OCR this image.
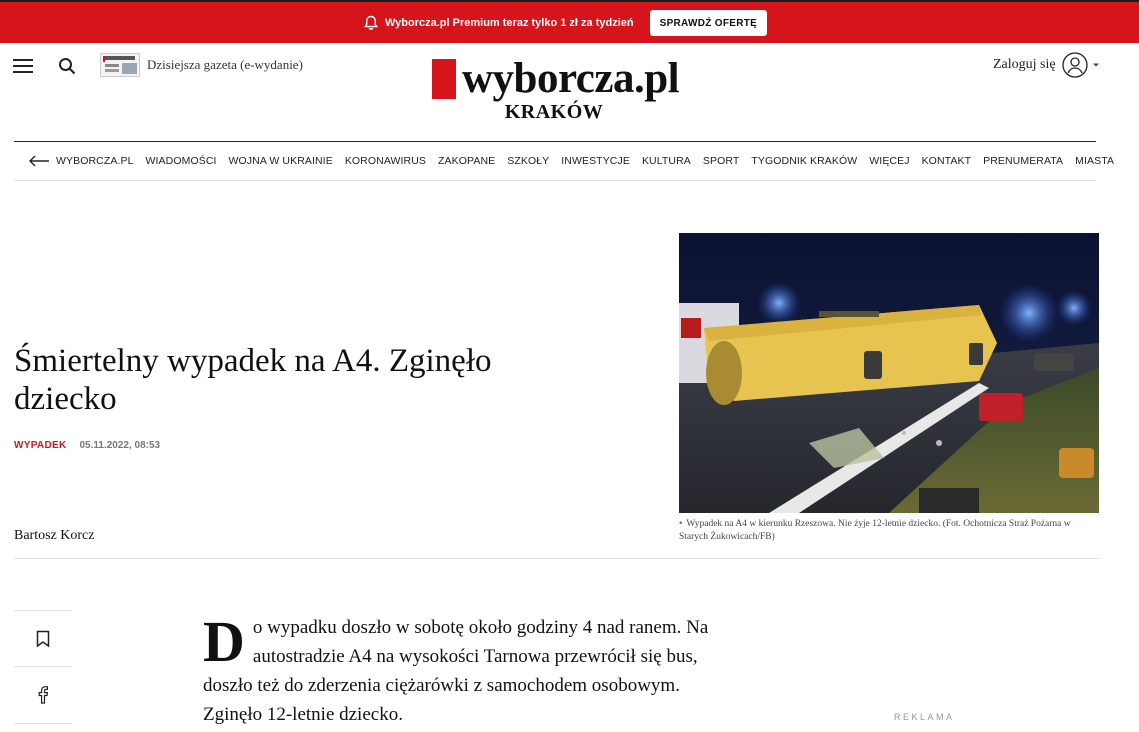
Wyborcza.pl Premium teraz tylko 1 zł za tydzień	SPRAWDŹ OFERTĘ
Dzisiejsza gazeta (e-wydanie)	wyborcza.pl
KRAKÓW
Zaloguj się
WYBORCZA.PL WIADOMOŚCI WOJNA W UKRAINIE KORONAWIRUS ZAKOPANE SZKOŁY INWESTYCJE KULTURA SPORT TYGODNIK KRAKÓW WIĘCEJ KONTAKT PRENUMERATA MIASTA
Śmiertelny wypadek na A4. Zginęło dziecko
WYPADEK 05.11.2022, 08:53
Bartosz Korcz
• Wypadek na A4 w kierunku Rzeszowa. Nie żyje 12-letnie dziecko. (Fot. Ochotnicza Straż Pożarna w Starych Żukowicach/FB)
Do wypadku doszło w sobotę około godziny 4 nad ranem. Na autostradzie A4 na wysokości Tarnowa przewrócił się bus, doszło też do zderzenia ciężarówki z samochodem osobowym. Zginęło 12-letnie dziecko.	REKLAMA
